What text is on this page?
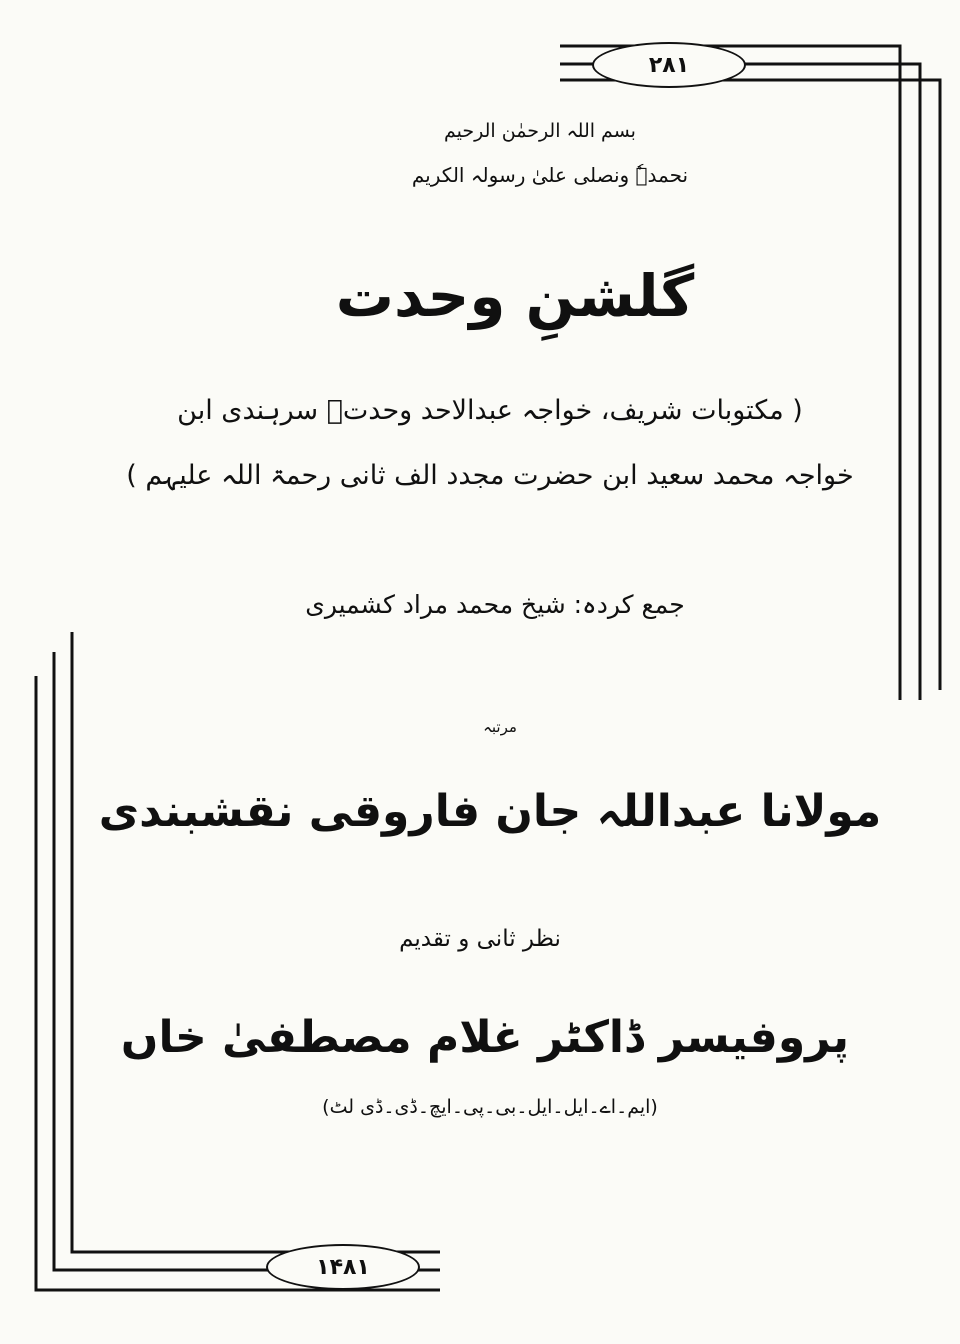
۲۸۱
۱۴۸۱
بسم اللہ الرحمٰن الرحیم
نحمدہٗ ونصلی علیٰ رسولہ الکریم
گلشنِ وحدت
( مکتوبات شریف، خواجہ عبدالاحد وحدتؔ سرہندی ابن
خواجہ محمد سعید ابن حضرت مجدد الف ثانی رحمۃ اللہ علیہم )
جمع کردہ: شیخ محمد مراد کشمیری
مرتبہ
مولانا عبداللہ جان فاروقی نقشبندی
نظر ثانی و تقدیم
پروفیسر ڈاکٹر غلام مصطفیٰ خاں
(ایم۔اے۔ایل۔ایل۔بی۔پی۔ایچ۔ڈی۔ڈی لٹ)
